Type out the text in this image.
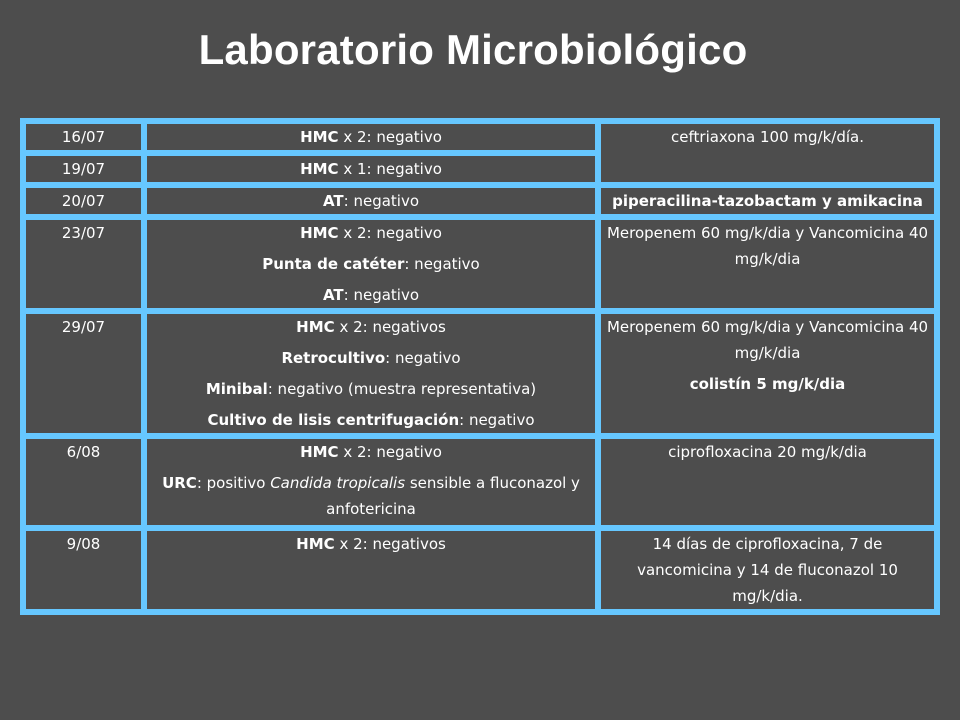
Laboratorio Microbiológico
16/07	HMC x 2: negativo	ceftriaxona 100 mg/k/día.

19/07	HMC x 1: negativo	

20/07	AT: negativo	piperacilina-tazobactam y amikacina

23/07	HMC x 2: negativo
Punta de catéter: negativo
AT: negativo	Meropenem 60 mg/k/dia y Vancomicina 40 mg/k/dia

29/07	HMC x 2: negativos
Retrocultivo: negativo
Minibal: negativo (muestra representativa)
Cultivo de lisis centrifugación: negativo	Meropenem 60 mg/k/dia y Vancomicina 40 mg/k/dia
colistín 5 mg/k/dia

6/08	HMC x 2: negativo
URC: positivo Candida tropicalis sensible a fluconazol y anfotericina	ciprofloxacina 20 mg/k/dia

9/08	HMC x 2: negativos	14 días de ciprofloxacina, 7 de vancomicina y 14 de fluconazol 10 mg/k/dia.
